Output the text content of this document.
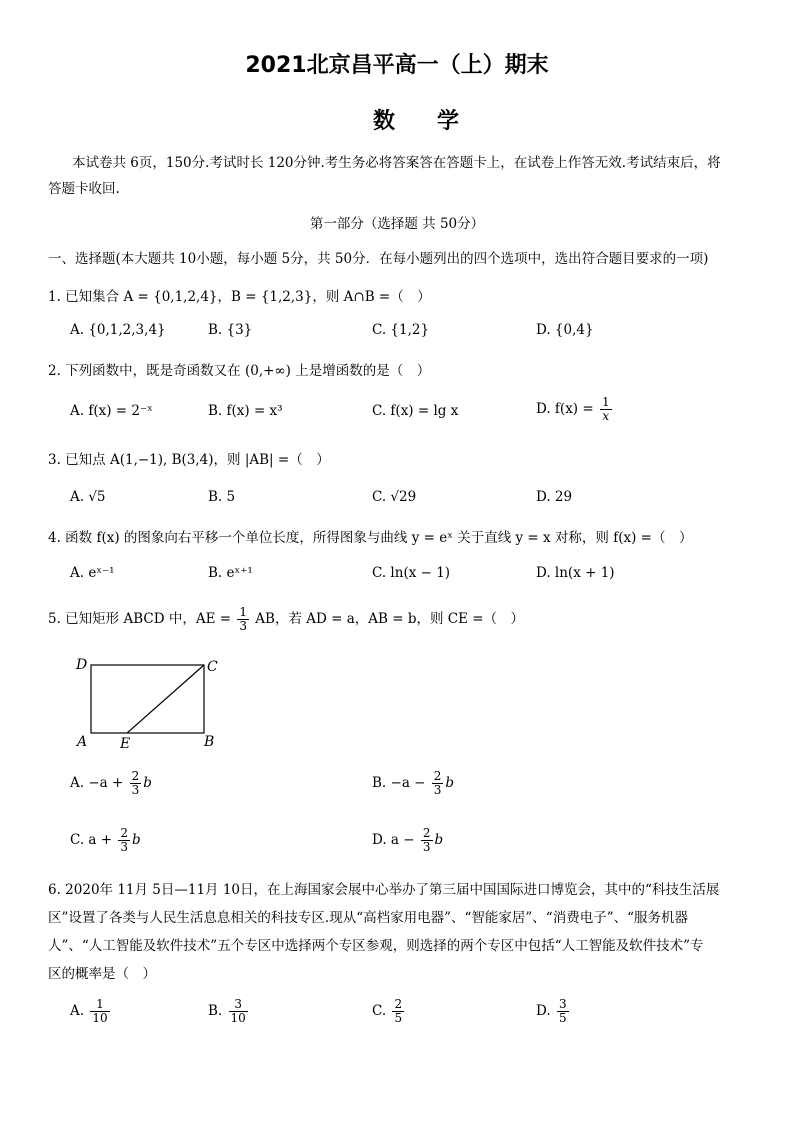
2021北京昌平高一（上）期末
数学
本试卷共 6页，150分.考试时长 120分钟.考生务必将答案答在答题卡上，在试卷上作答无效.考试结束后，将
答题卡收回.
第一部分（选择题 共 50分）
一、选择题(本大题共 10小题，每小题 5分，共 50分．在每小题列出的四个选项中，选出符合题目要求的一项)
1. 已知集合 A = {0,1,2,4}，B = {1,2,3}，则 A∩B =（　）
A. {0,1,2,3,4}	B. {3}	C. {1,2}	D. {0,4}
2. 下列函数中，既是奇函数又在 (0,+∞) 上是增函数的是（　）
A. f(x) = 2⁻ˣ	B. f(x) = x³	C. f(x) = lg x	D. $f(x) = \frac{1}{x}$
3. 已知点 A(1,−1), B(3,4)，则 |AB| =（　）
A. √5	B. 5	C. √29	D. 29
4. 函数 f(x) 的图象向右平移一个单位长度，所得图象与曲线 y = eˣ 关于直线 y = x 对称，则 f(x) =（　）
A. eˣ⁻¹	B. eˣ⁺¹	C. ln(x − 1)	D. ln(x + 1)
5. 已知矩形 ABCD 中，AE = $\frac{1}{3}$ AB，若 AD = a，AB = b，则 CE =（　）
D	C
A E	B
A. $-a + \frac{2}{3}$ b	B. $-a - \frac{2}{3}$ b
C. $a + \frac{2}{3}$ b	D. $a - \frac{2}{3}$ b
6. 2020年 11月 5日—11月 10日，在上海国家会展中心举办了第三届中国国际进口博览会，其中的“科技生活展
区”设置了各类与人民生活息息相关的科技专区.现从“高档家用电器”、“智能家居”、“消费电子”、“服务机器
人”、“人工智能及软件技术”五个专区中选择两个专区参观，则选择的两个专区中包括“人工智能及软件技术”专
区的概率是（　）
A. $\frac{1}{10}$	B. $\frac{3}{10}$	C. $\frac{2}{5}$	D. $\frac{3}{5}$
